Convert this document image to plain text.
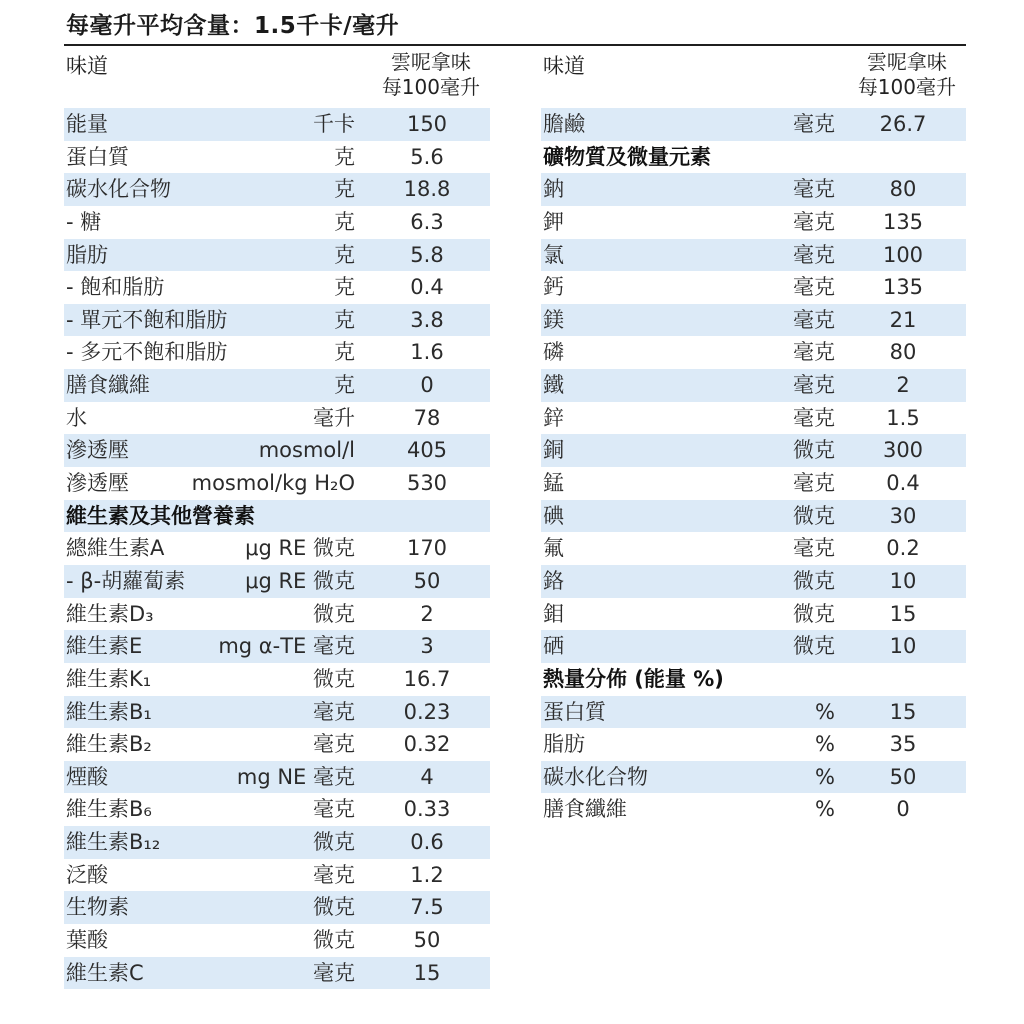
每毫升平均含量：1.5千卡/毫升
味道	雲呢拿味
每100毫升
能量	千卡	150
蛋白質	克	5.6
碳水化合物	克	18.8
- 糖	克	6.3
脂肪	克	5.8
- 飽和脂肪	克	0.4
- 單元不飽和脂肪	克	3.8
- 多元不飽和脂肪	克	1.6
膳食纖維	克	0
水	毫升	78
滲透壓	mosmol/l	405
滲透壓	mosmol/kg H₂O	530
維生素及其他營養素
總維生素A	μg RE 微克	170
- β-胡蘿蔔素	μg RE 微克	50
維生素D₃	微克	2
維生素E	mg α-TE 毫克	3
維生素K₁	微克	16.7
維生素B₁	毫克	0.23
維生素B₂	毫克	0.32
煙酸	mg NE 毫克	4
維生素B₆	毫克	0.33
維生素B₁₂	微克	0.6
泛酸	毫克	1.2
生物素	微克	7.5
葉酸	微克	50
維生素C	毫克	15
味道	雲呢拿味
每100毫升
膽鹼	毫克	26.7
礦物質及微量元素
鈉	毫克	80
鉀	毫克	135
氯	毫克	100
鈣	毫克	135
鎂	毫克	21
磷	毫克	80
鐵	毫克	2
鋅	毫克	1.5
銅	微克	300
錳	毫克	0.4
碘	微克	30
氟	毫克	0.2
鉻	微克	10
鉬	微克	15
硒	微克	10
熱量分佈 (能量 %)
蛋白質	%	15
脂肪	%	35
碳水化合物	%	50
膳食纖維	%	0
